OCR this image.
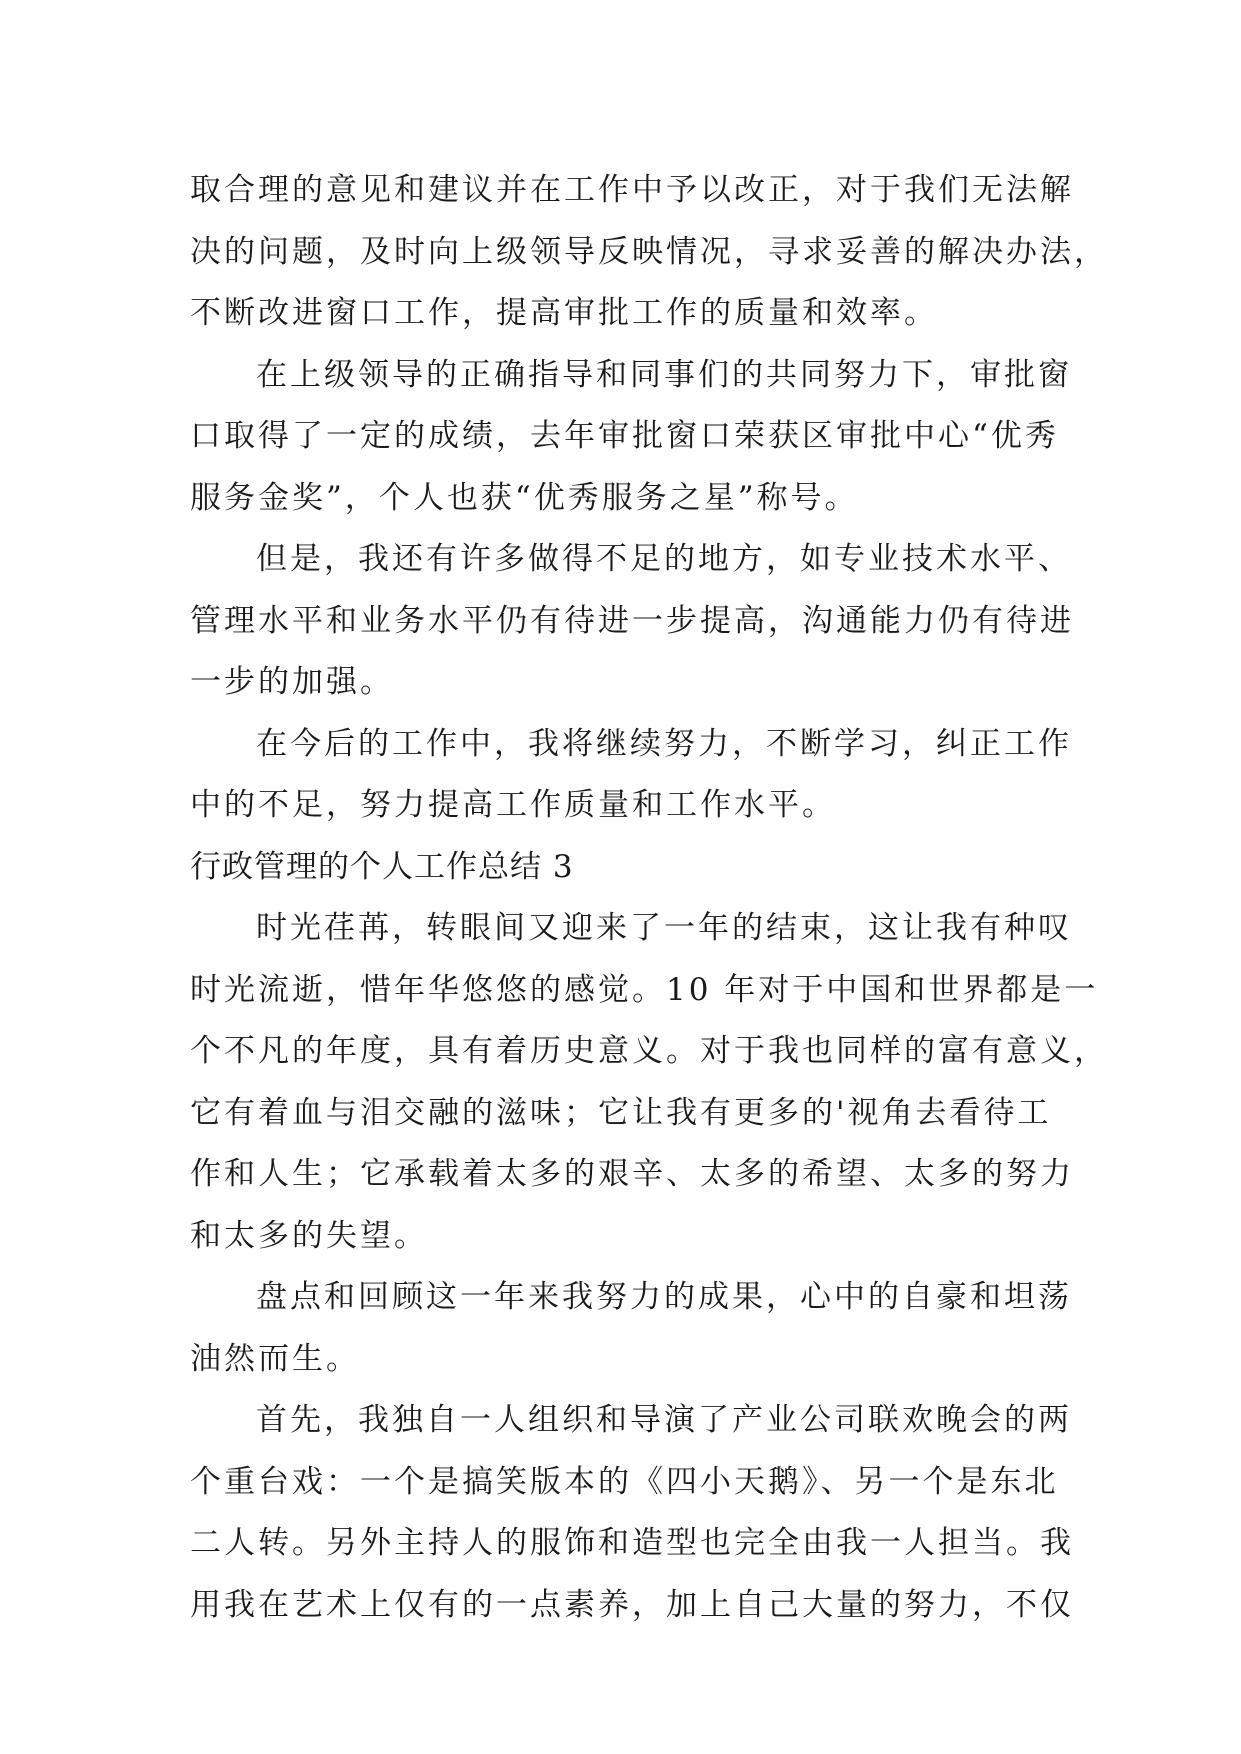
取合理的意见和建议并在工作中予以改正，对于我们无法解
决的问题，及时向上级领导反映情况，寻求妥善的解决办法，
不断改进窗口工作，提高审批工作的质量和效率。
在上级领导的正确指导和同事们的共同努力下，审批窗
口取得了一定的成绩，去年审批窗口荣获区审批中心“优秀
服务金奖”，个人也获“优秀服务之星”称号。
但是，我还有许多做得不足的地方，如专业技术水平、
管理水平和业务水平仍有待进一步提高，沟通能力仍有待进
一步的加强。
在今后的工作中，我将继续努力，不断学习，纠正工作
中的不足，努力提高工作质量和工作水平。
行政管理的个人工作总结 3
时光荏苒，转眼间又迎来了一年的结束，这让我有种叹
时光流逝，惜年华悠悠的感觉。10 年对于中国和世界都是一
个不凡的年度，具有着历史意义。对于我也同样的富有意义，
它有着血与泪交融的滋味；它让我有更多的'视角去看待工
作和人生；它承载着太多的艰辛、太多的希望、太多的努力
和太多的失望。
盘点和回顾这一年来我努力的成果，心中的自豪和坦荡
油然而生。
首先，我独自一人组织和导演了产业公司联欢晚会的两
个重台戏：一个是搞笑版本的《四小天鹅》、另一个是东北
二人转。另外主持人的服饰和造型也完全由我一人担当。我
用我在艺术上仅有的一点素养，加上自己大量的努力，不仅
